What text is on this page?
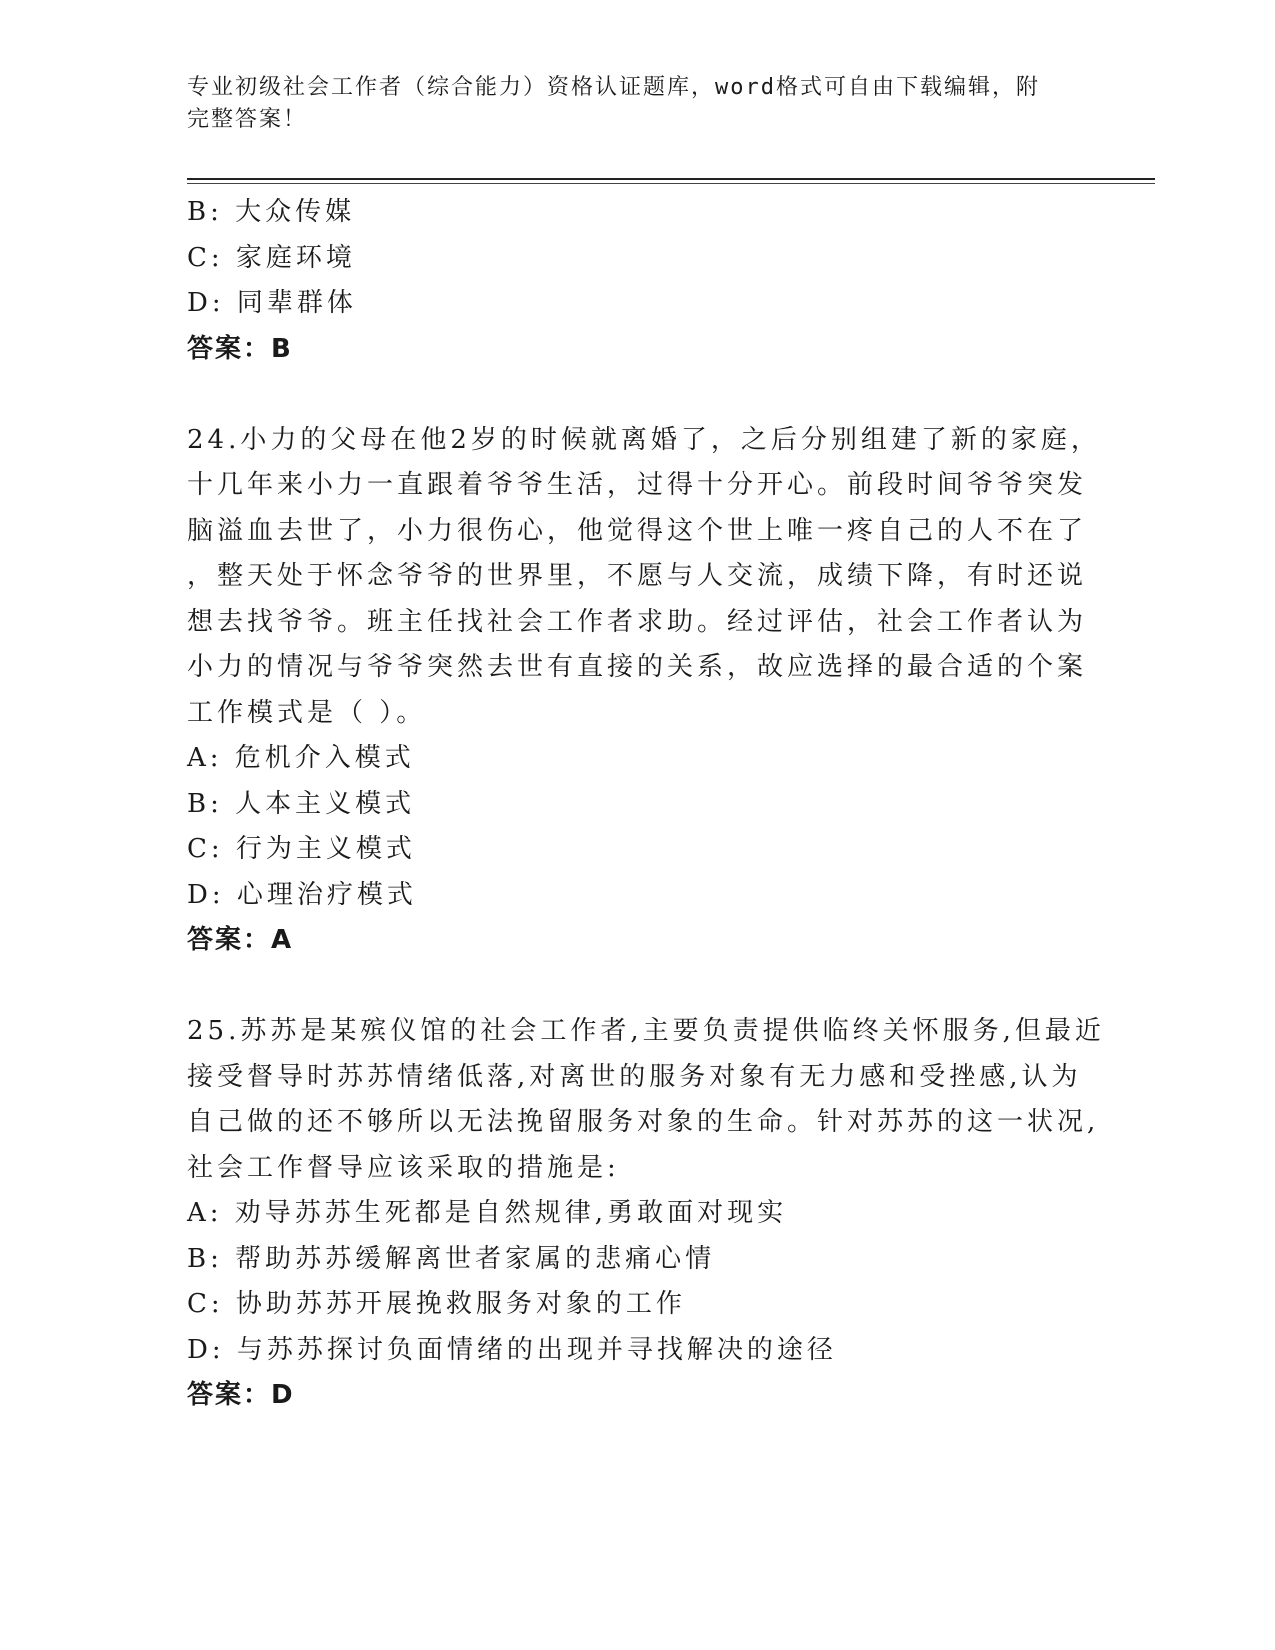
专业初级社会工作者（综合能力）资格认证题库，word格式可自由下载编辑，附
完整答案！
B: 大众传媒
C: 家庭环境
D: 同辈群体
答案：B
24.小力的父母在他2岁的时候就离婚了，之后分别组建了新的家庭，
十几年来小力一直跟着爷爷生活，过得十分开心。前段时间爷爷突发
脑溢血去世了，小力很伤心，他觉得这个世上唯一疼自己的人不在了
，整天处于怀念爷爷的世界里，不愿与人交流，成绩下降，有时还说
想去找爷爷。班主任找社会工作者求助。经过评估，社会工作者认为
小力的情况与爷爷突然去世有直接的关系，故应选择的最合适的个案
工作模式是（ ）。
A: 危机介入模式
B: 人本主义模式
C: 行为主义模式
D: 心理治疗模式
答案：A
25.苏苏是某殡仪馆的社会工作者,主要负责提供临终关怀服务,但最近
接受督导时苏苏情绪低落,对离世的服务对象有无力感和受挫感,认为
自己做的还不够所以无法挽留服务对象的生命。针对苏苏的这一状况,
社会工作督导应该采取的措施是:
A: 劝导苏苏生死都是自然规律,勇敢面对现实
B: 帮助苏苏缓解离世者家属的悲痛心情
C: 协助苏苏开展挽救服务对象的工作
D: 与苏苏探讨负面情绪的出现并寻找解决的途径
答案：D
